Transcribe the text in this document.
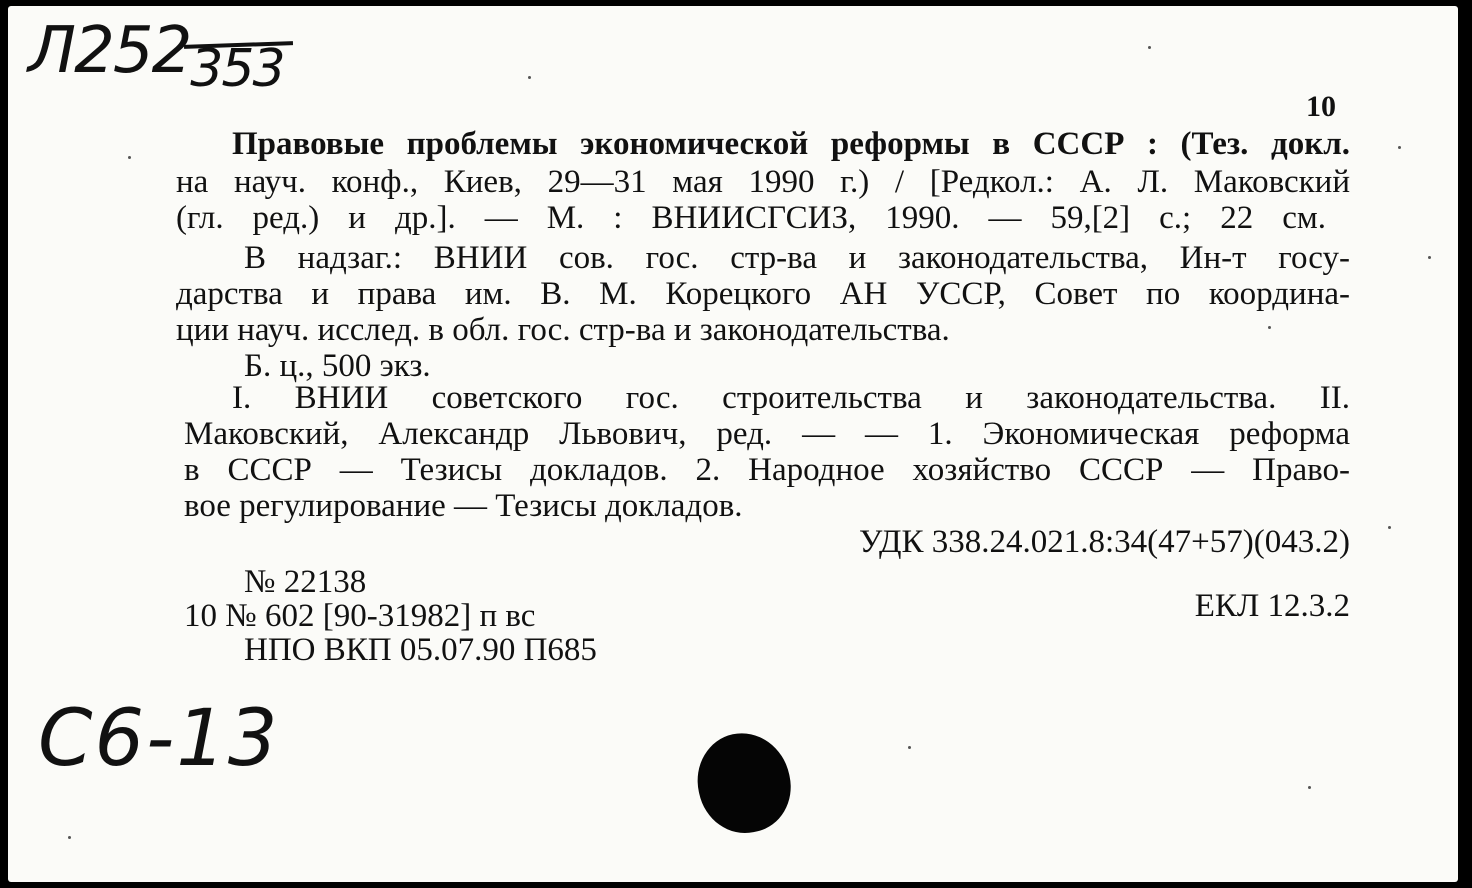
Л252353
10
Правовые проблемы экономической реформы в СССР : (Тез. докл.
на науч. конф., Киев, 29—31 мая 1990 г.) / [Редкол.: А. Л. Маковский
(гл. ред.) и др.]. — М. : ВНИИСГСИЗ, 1990. — 59,[2] с.; 22 см.
В надзаг.: ВНИИ сов. гос. стр-ва и законодательства, Ин-т госу-
дарства и права им. В. М. Корецкого АН УССР, Совет по координа-
ции науч. исслед. в обл. гос. стр-ва и законодательства.
Б. ц., 500 экз.
I. ВНИИ советского гос. строительства и законодательства. II.
Маковский, Александр Львович, ред. — — 1. Экономическая реформа
в СССР — Тезисы докладов. 2. Народное хозяйство СССР — Право-
вое регулирование — Тезисы докладов.
УДК 338.24.021.8:34(47+57)(043.2)
№ 22138
10 № 602 [90-31982] п вс	ЕКЛ 12.3.2
НПО ВКП 05.07.90 П685
С6-13
